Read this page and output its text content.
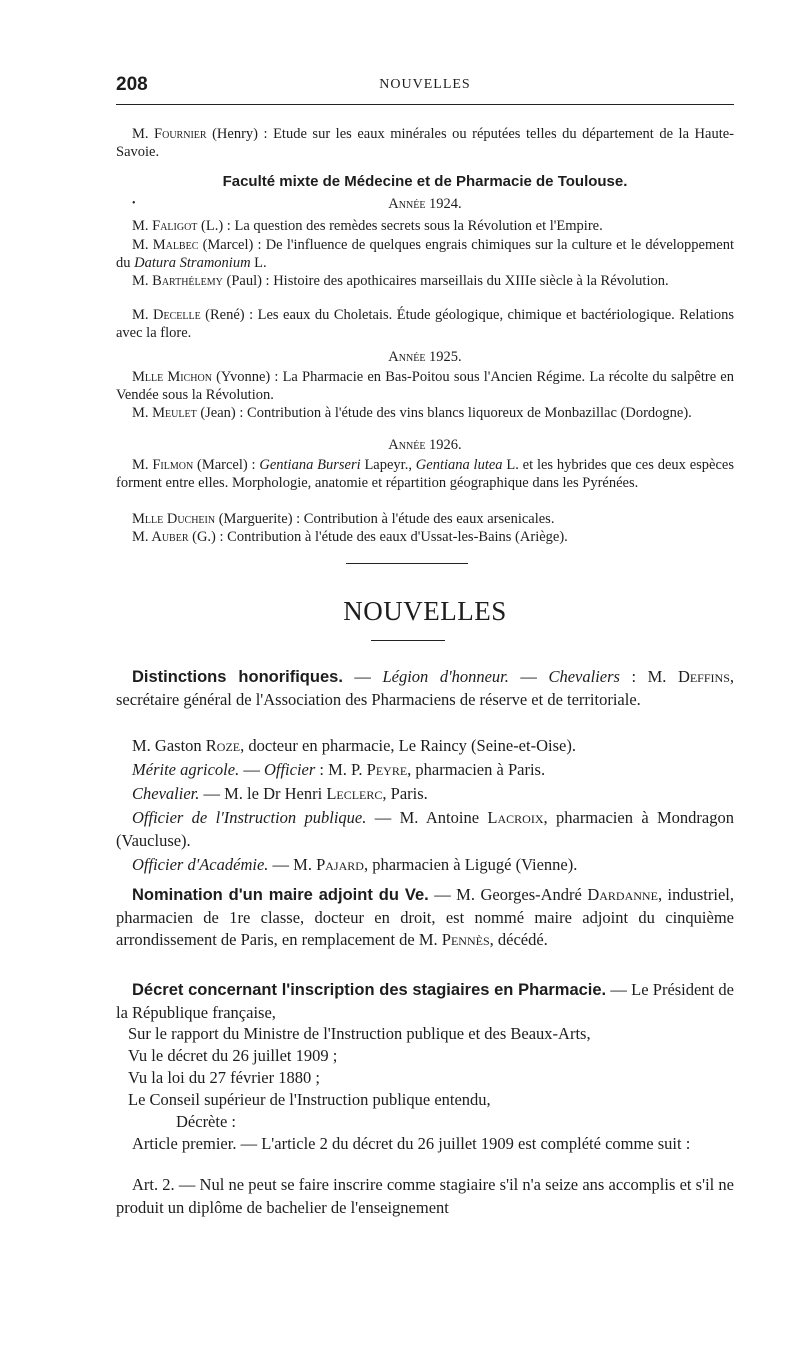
208	NOUVELLES

M. Fournier (Henry) : Etude sur les eaux minérales ou réputées telles du département de la Haute-Savoie.

Faculté mixte de Médecine et de Pharmacie de Toulouse.

•	Année 1924.

M. Faligot (L.) : La question des remèdes secrets sous la Révolution et l'Empire.

M. Malbec (Marcel) : De l'influence de quelques engrais chimiques sur la culture et le développement du Datura Stramonium L.

M. Barthélemy (Paul) : Histoire des apothicaires marseillais du XIIIe siècle à la Révolution.

M. Decelle (René) : Les eaux du Choletais. Étude géologique, chimique et bactériologique. Relations avec la flore.

Année 1925.

Mlle Michon (Yvonne) : La Pharmacie en Bas-Poitou sous l'Ancien Régime. La récolte du salpêtre en Vendée sous la Révolution.

M. Meulet (Jean) : Contribution à l'étude des vins blancs liquoreux de Monbazillac (Dordogne).

Année 1926.

M. Filmon (Marcel) : Gentiana Burseri Lapeyr., Gentiana lutea L. et les hybrides que ces deux espèces forment entre elles. Morphologie, anatomie et répartition géographique dans les Pyrénées.

Mlle Duchein (Marguerite) : Contribution à l'étude des eaux arsenicales.

M. Auber (G.) : Contribution à l'étude des eaux d'Ussat-les-Bains (Ariège).

NOUVELLES

Distinctions honorifiques. — Légion d'honneur. — Chevaliers : M. Deffins, secrétaire général de l'Association des Pharmaciens de réserve et de territoriale.

M. Gaston Roze, docteur en pharmacie, Le Raincy (Seine-et-Oise).

Mérite agricole. — Officier : M. P. Peyre, pharmacien à Paris.

Chevalier. — M. le Dr Henri Leclerc, Paris.

Officier de l'Instruction publique. — M. Antoine Lacroix, pharmacien à Mondragon (Vaucluse).

Officier d'Académie. — M. Pajard, pharmacien à Ligugé (Vienne).

Nomination d'un maire adjoint du Ve. — M. Georges-André Dardanne, industriel, pharmacien de 1re classe, docteur en droit, est nommé maire adjoint du cinquième arrondissement de Paris, en remplacement de M. Pennès, décédé.

Décret concernant l'inscription des stagiaires en Pharmacie. — Le Président de la République française,

Sur le rapport du Ministre de l'Instruction publique et des Beaux-Arts,

Vu le décret du 26 juillet 1909 ;

Vu la loi du 27 février 1880 ;

Le Conseil supérieur de l'Instruction publique entendu,

Décrète :

Article premier. — L'article 2 du décret du 26 juillet 1909 est complété comme suit :

Art. 2. — Nul ne peut se faire inscrire comme stagiaire s'il n'a seize ans accomplis et s'il ne produit un diplôme de bachelier de l'enseignement
